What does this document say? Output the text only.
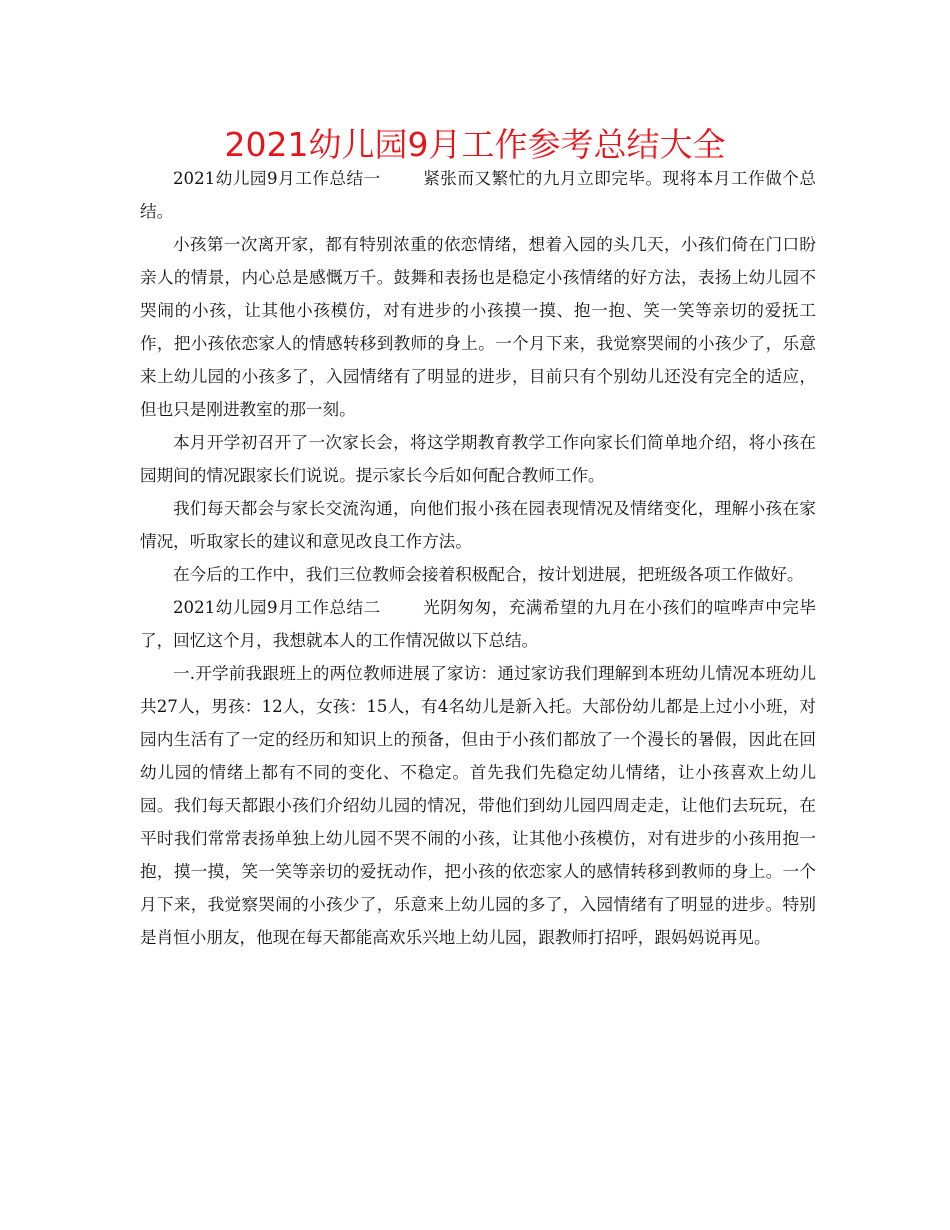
2021幼儿园9月工作参考总结大全

2021幼儿园9月工作总结一	紧张而又繁忙的九月立即完毕。现将本月工作做个总结。

小孩第一次离开家，都有特别浓重的依恋情绪，想着入园的头几天，小孩们倚在门口盼亲人的情景，内心总是感慨万千。鼓舞和表扬也是稳定小孩情绪的好方法，表扬上幼儿园不哭闹的小孩，让其他小孩模仿，对有进步的小孩摸一摸、抱一抱、笑一笑等亲切的爱抚工作，把小孩依恋家人的情感转移到教师的身上。一个月下来，我觉察哭闹的小孩少了，乐意来上幼儿园的小孩多了，入园情绪有了明显的进步，目前只有个别幼儿还没有完全的适应，但也只是刚进教室的那一刻。

本月开学初召开了一次家长会，将这学期教育教学工作向家长们简单地介绍，将小孩在园期间的情况跟家长们说说。提示家长今后如何配合教师工作。

我们每天都会与家长交流沟通，向他们报小孩在园表现情况及情绪变化，理解小孩在家情况，听取家长的建议和意见改良工作方法。

在今后的工作中，我们三位教师会接着积极配合，按计划进展，把班级各项工作做好。

2021幼儿园9月工作总结二	光阴匆匆，充满希望的九月在小孩们的喧哗声中完毕了，回忆这个月，我想就本人的工作情况做以下总结。

一.开学前我跟班上的两位教师进展了家访：通过家访我们理解到本班幼儿情况本班幼儿共27人，男孩：12人，女孩：15人，有4名幼儿是新入托。大部份幼儿都是上过小小班，对园内生活有了一定的经历和知识上的预备，但由于小孩们都放了一个漫长的暑假，因此在回幼儿园的情绪上都有不同的变化、不稳定。首先我们先稳定幼儿情绪，让小孩喜欢上幼儿园。我们每天都跟小孩们介绍幼儿园的情况，带他们到幼儿园四周走走，让他们去玩玩，在平时我们常常表扬单独上幼儿园不哭不闹的小孩，让其他小孩模仿，对有进步的小孩用抱一抱，摸一摸，笑一笑等亲切的爱抚动作，把小孩的依恋家人的感情转移到教师的身上。一个月下来，我觉察哭闹的小孩少了，乐意来上幼儿园的多了，入园情绪有了明显的进步。特别是肖恒小朋友，他现在每天都能高欢乐兴地上幼儿园，跟教师打招呼，跟妈妈说再见。
